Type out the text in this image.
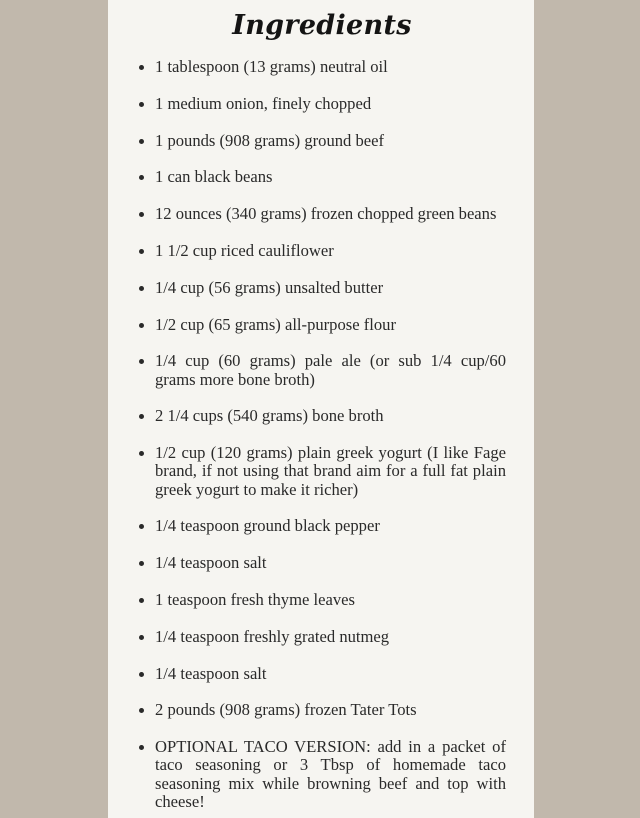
Ingredients
1 tablespoon (13 grams) neutral oil
1 medium onion, finely chopped
1 pounds (908 grams) ground beef
1 can black beans
12 ounces (340 grams) frozen chopped green beans
1 1/2 cup riced cauliflower
1/4 cup (56 grams) unsalted butter
1/2 cup (65 grams) all-purpose flour
1/4 cup (60 grams) pale ale (or sub 1/4 cup/60 grams more bone broth)
2 1/4 cups (540 grams) bone broth
1/2 cup (120 grams) plain greek yogurt (I like Fage brand, if not using that brand aim for a full fat plain greek yogurt to make it richer)
1/4 teaspoon ground black pepper
1/4 teaspoon salt
1 teaspoon fresh thyme leaves
1/4 teaspoon freshly grated nutmeg
1/4 teaspoon salt
2 pounds (908 grams) frozen Tater Tots
OPTIONAL TACO VERSION: add in a packet of taco seasoning or 3 Tbsp of homemade taco seasoning mix while browning beef and top with cheese!
